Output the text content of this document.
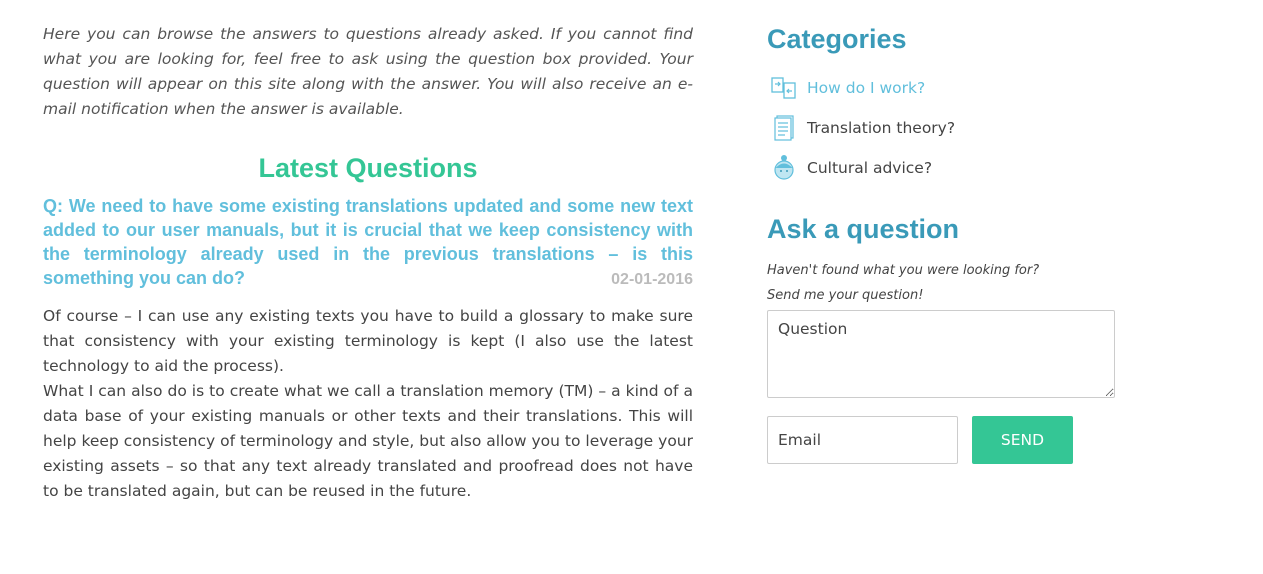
Here you can browse the answers to questions already asked. If you cannot find what you are looking for, feel free to ask using the question box provided. Your question will appear on this site along with the answer. You will also receive an e-mail notification when the answer is available.

Latest Questions
Q: We need to have some existing translations updated and some new text added to our user manuals, but it is crucial that we keep consistency with the terminology already used in the previous translations – is this something you can do?	02-01-2016

Of course – I can use any existing texts you have to build a glossary to make sure that consistency with your existing terminology is kept (I also use the latest technology to aid the process).

What I can also do is to create what we call a translation memory (TM) – a kind of a data base of your existing manuals or other texts and their translations. This will help keep consistency of terminology and style, but also allow you to leverage your existing assets – so that any text already translated and proofread does not have to be translated again, but can be reused in the future.

Categories
How do I work?
Translation theory?
Cultural advice?
Ask a question
Haven't found what you were looking for?
Send me your question!
Question
Email
SEND
